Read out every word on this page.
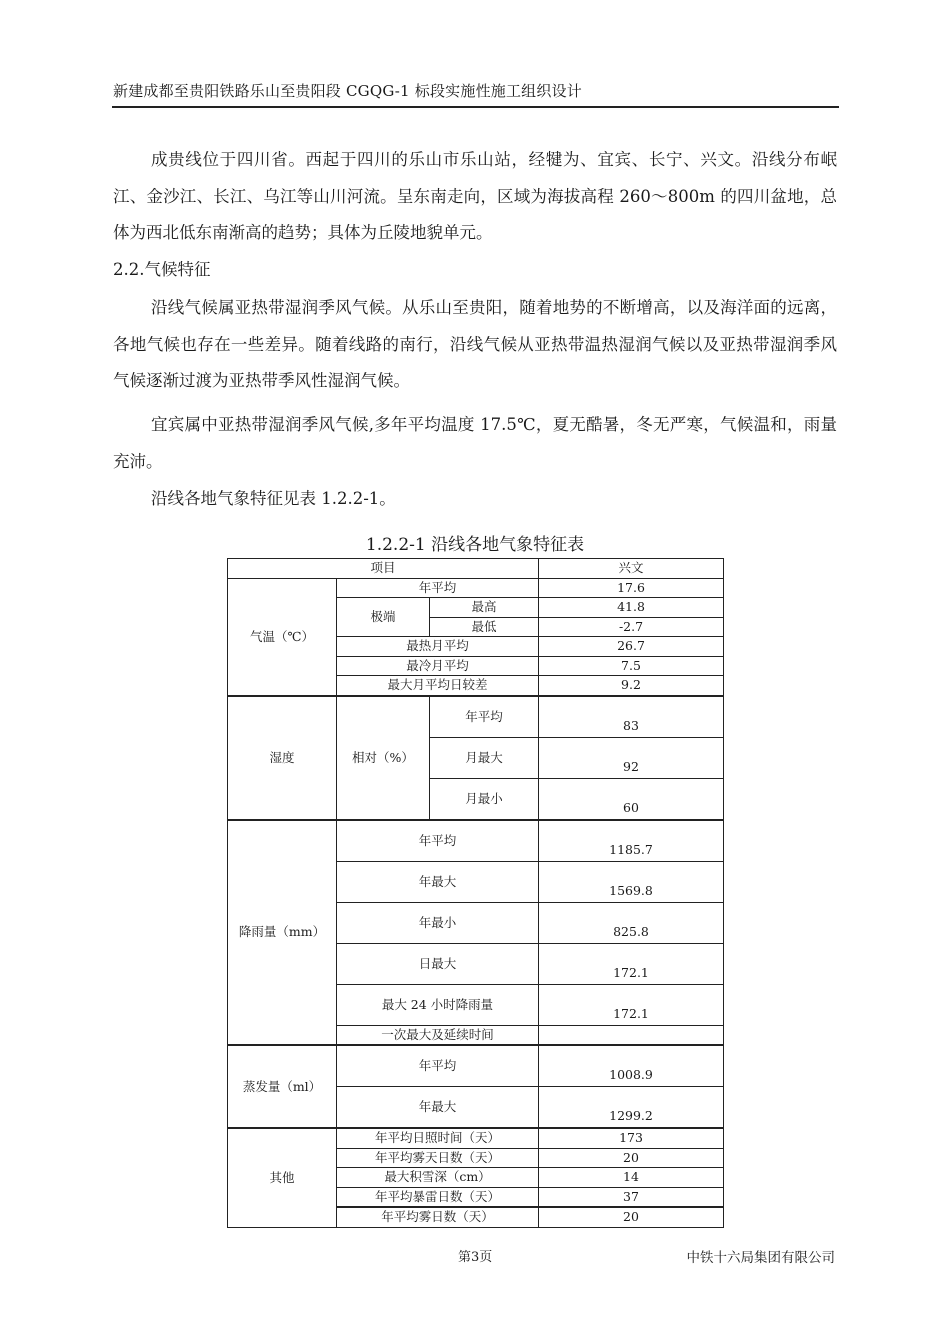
新建成都至贵阳铁路乐山至贵阳段 CGQG-1 标段实施性施工组织设计

成贵线位于四川省。西起于四川的乐山市乐山站，经犍为、宜宾、长宁、兴文。沿线分布岷江、金沙江、长江、乌江等山川河流。呈东南走向，区域为海拔高程 260～800m 的四川盆地，总体为西北低东南渐高的趋势；具体为丘陵地貌单元。

2.2.气候特征

沿线气候属亚热带湿润季风气候。从乐山至贵阳，随着地势的不断增高，以及海洋面的远离，各地气候也存在一些差异。随着线路的南行，沿线气候从亚热带温热湿润气候以及亚热带湿润季风气候逐渐过渡为亚热带季风性湿润气候。

宜宾属中亚热带湿润季风气候,多年平均温度 17.5℃，夏无酷暑，冬无严寒，气候温和，雨量充沛。

沿线各地气象特征见表 1.2.2-1。

1.2.2-1 沿线各地气象特征表
项目			兴文
气温（℃）	年平均		17.6
	极端	最高	41.8
		最低	-2.7
	最热月平均		26.7
	最冷月平均		7.5
	最大月平均日较差		9.2
湿度	相对（%）	年平均	83
		月最大	92
		月最小	60
降雨量（mm）	年平均		1185.7
	年最大		1569.8
	年最小		825.8
	日最大		172.1
	最大 24 小时降雨量		172.1
	一次最大及延续时间		
蒸发量（ml）	年平均		1008.9
	年最大		1299.2
其他	年平均日照时间（天）		173
	年平均雾天日数（天）		20
	最大积雪深（cm）		14
	年平均暴雷日数（天）		37
	年平均雾日数（天）		20
第3页	中铁十六局集团有限公司
